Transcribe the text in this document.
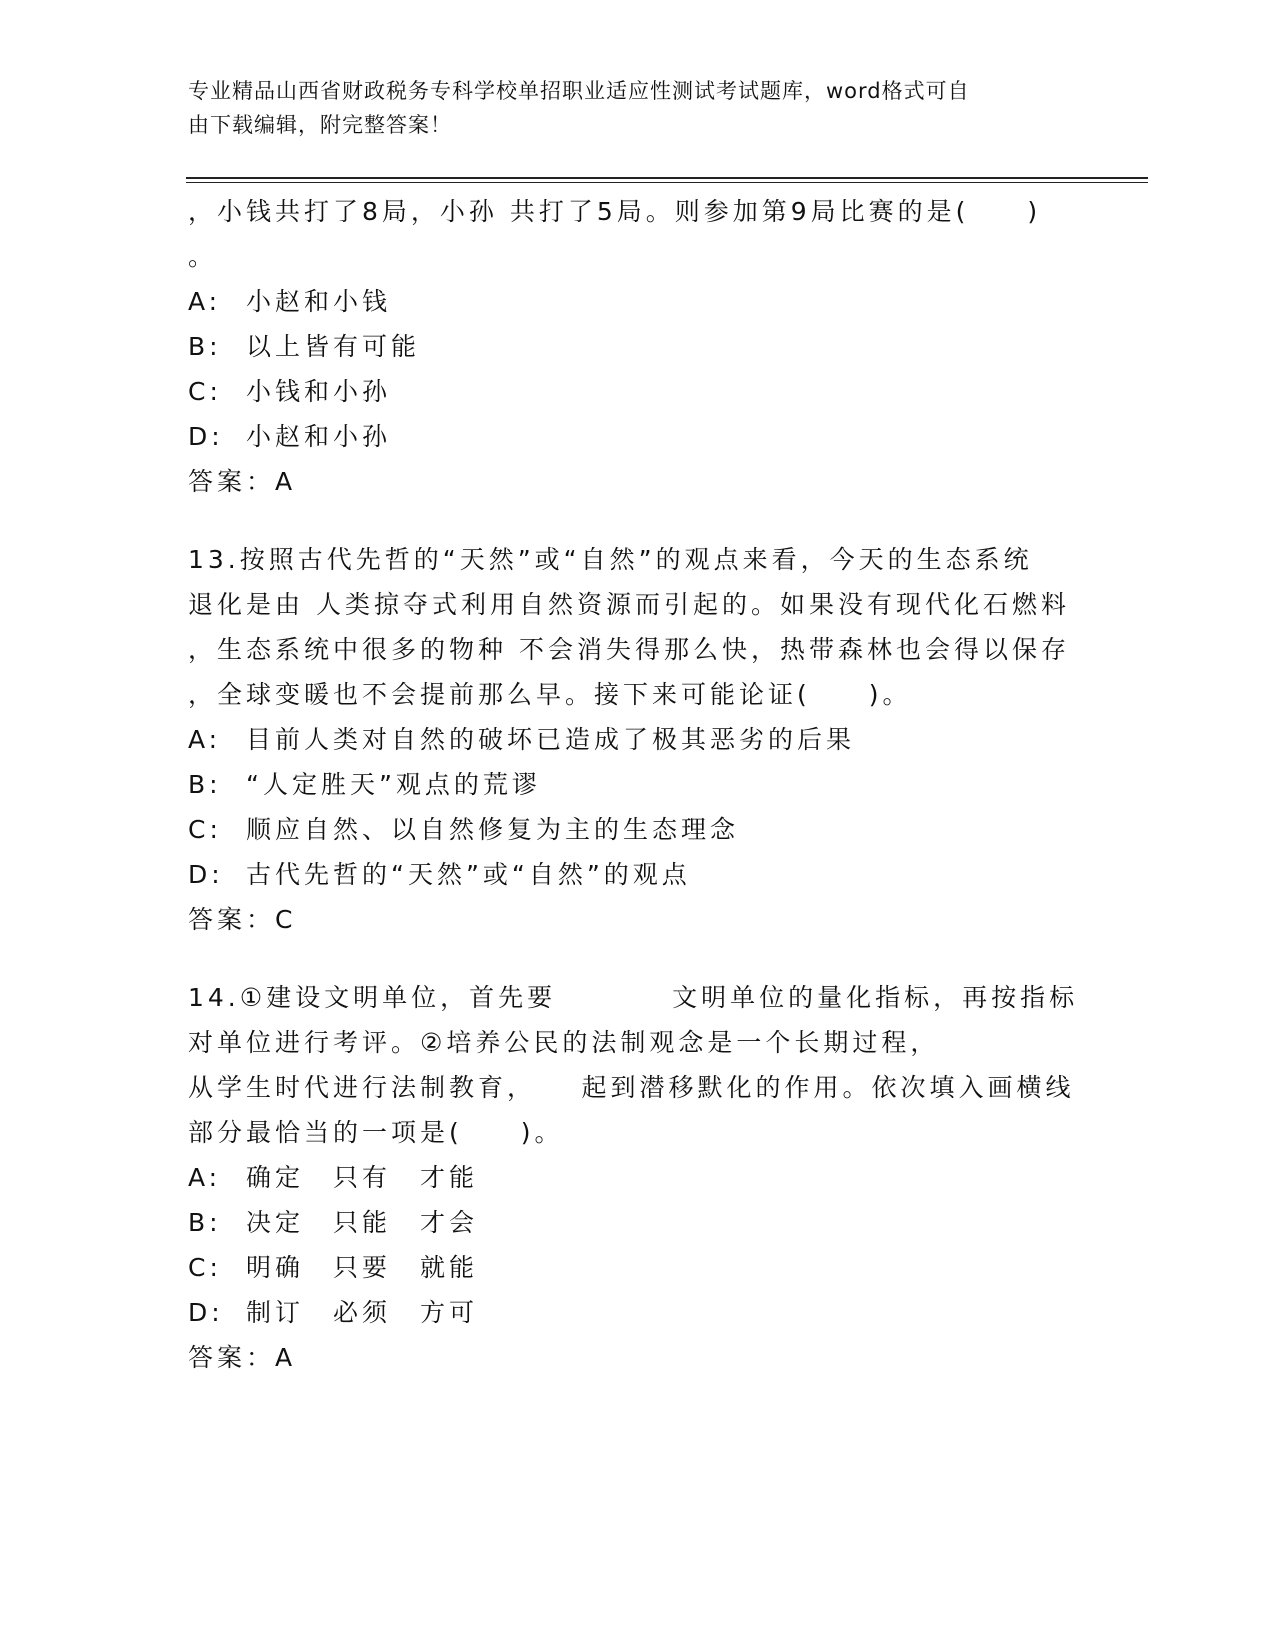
专业精品山西省财政税务专科学校单招职业适应性测试考试题库，word格式可自
由下载编辑，附完整答案！
，小钱共打了8局，小孙 共打了5局。则参加第9局比赛的是(　　)
。
A: 小赵和小钱
B: 以上皆有可能
C: 小钱和小孙
D: 小赵和小孙
答案：A
13.按照古代先哲的“天然”或“自然”的观点来看，今天的生态系统
退化是由 人类掠夺式利用自然资源而引起的。如果没有现代化石燃料
，生态系统中很多的物种 不会消失得那么快，热带森林也会得以保存
，全球变暖也不会提前那么早。接下来可能论证(　　)。
A: 目前人类对自然的破坏已造成了极其恶劣的后果
B: “人定胜天”观点的荒谬
C: 顺应自然、以自然修复为主的生态理念
D: 古代先哲的“天然”或“自然”的观点
答案：C
14.①建设文明单位，首先要　　　　文明单位的量化指标，再按指标
对单位进行考评。②培养公民的法制观念是一个长期过程，
从学生时代进行法制教育，　　起到潜移默化的作用。依次填入画横线
部分最恰当的一项是(　　)。
A: 确定　只有　才能
B: 决定　只能　才会
C: 明确　只要　就能
D: 制订　必须　方可
答案：A
